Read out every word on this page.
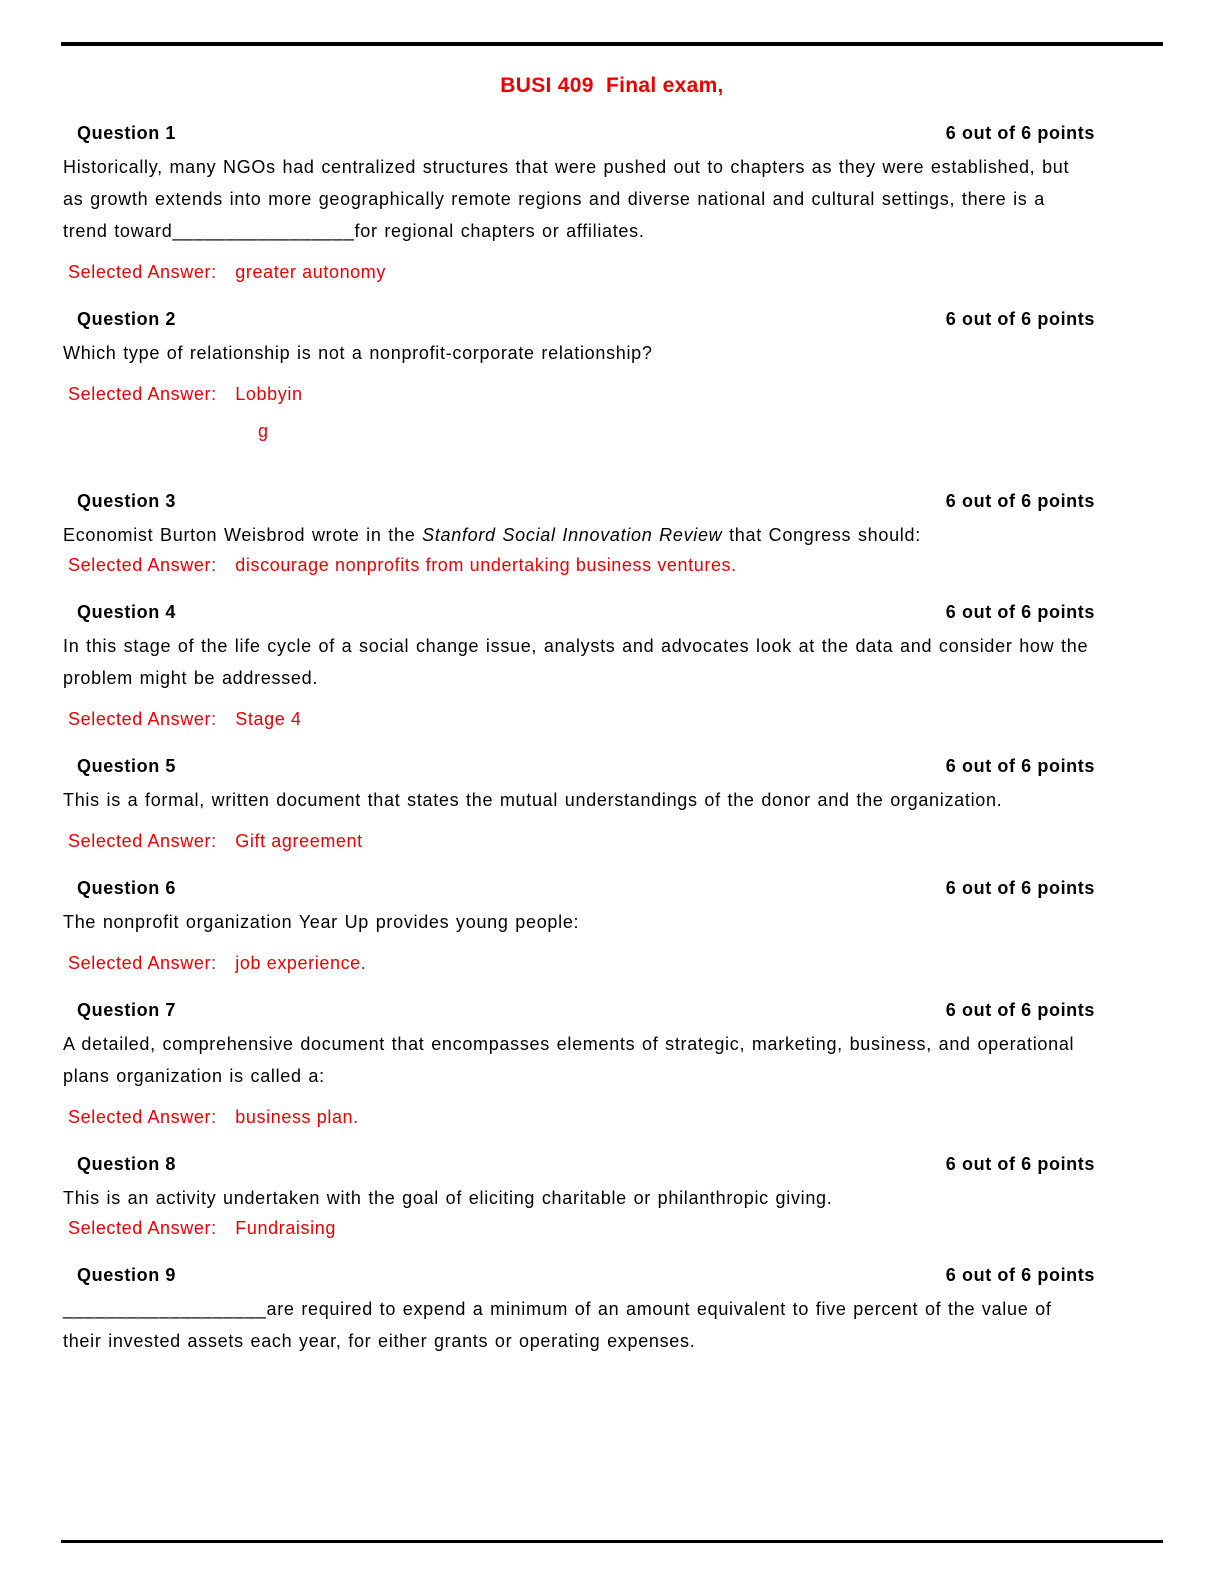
BUSI 409  Final exam,
Question 1	6 out of 6 points

Historically, many NGOs had centralized structures that were pushed out to chapters as they were established, but as growth extends into more geographically remote regions and diverse national and cultural settings, there is a trend toward_________________for regional chapters or affiliates.

Selected Answer: greater autonomy

Question 2	6 out of 6 points

Which type of relationship is not a nonprofit-corporate relationship?

Selected Answer: Lobbyin
g

Question 3	6 out of 6 points

Economist Burton Weisbrod wrote in the Stanford Social Innovation Review that Congress should:

Selected Answer: discourage nonprofits from undertaking business ventures.

Question 4	6 out of 6 points

In this stage of the life cycle of a social change issue, analysts and advocates look at the data and consider how the problem might be addressed.

Selected Answer: Stage 4

Question 5	6 out of 6 points

This is a formal, written document that states the mutual understandings of the donor and the organization.

Selected Answer: Gift agreement

Question 6	6 out of 6 points

The nonprofit organization Year Up provides young people:

Selected Answer: job experience.

Question 7	6 out of 6 points

A detailed, comprehensive document that encompasses elements of strategic, marketing, business, and operational plans organization is called a:

Selected Answer: business plan.

Question 8	6 out of 6 points

This is an activity undertaken with the goal of eliciting charitable or philanthropic giving.

Selected Answer: Fundraising

Question 9	6 out of 6 points

___________________are required to expend a minimum of an amount equivalent to five percent of the value of their invested assets each year, for either grants or operating expenses.
